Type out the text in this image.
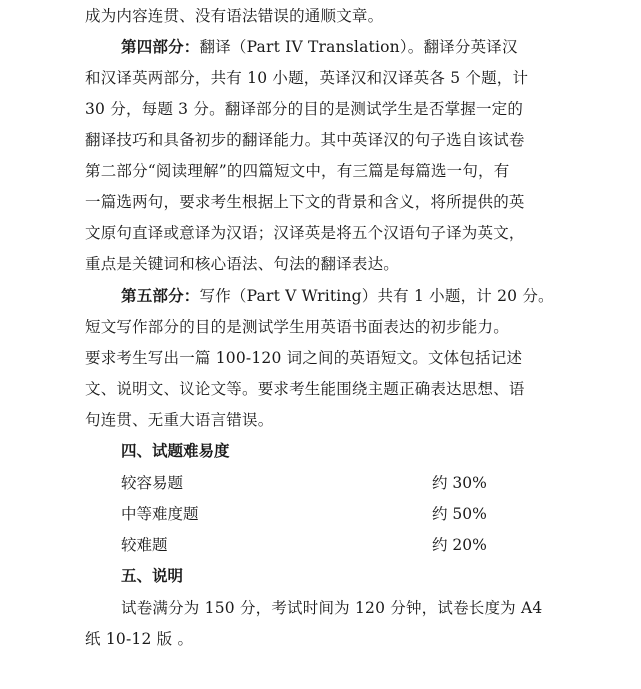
成为内容连贯、没有语法错误的通顺文章。
第四部分：翻译（Part IV Translation）。翻译分英译汉
和汉译英两部分，共有 10 小题，英译汉和汉译英各 5 个题，计
30 分，每题 3 分。翻译部分的目的是测试学生是否掌握一定的
翻译技巧和具备初步的翻译能力。其中英译汉的句子选自该试卷
第二部分“阅读理解”的四篇短文中，有三篇是每篇选一句，有
一篇选两句，要求考生根据上下文的背景和含义，将所提供的英
文原句直译或意译为汉语；汉译英是将五个汉语句子译为英文，
重点是关键词和核心语法、句法的翻译表达。
第五部分：写作（Part V Writing）共有 1 小题，计 20 分。
短文写作部分的目的是测试学生用英语书面表达的初步能力。
要求考生写出一篇 100-120 词之间的英语短文。文体包括记述
文、说明文、议论文等。要求考生能围绕主题正确表达思想、语
句连贯、无重大语言错误。
四、试题难易度
较容易题	约 30%
中等难度题	约 50%
较难题	约 20%
五、说明
试卷满分为 150 分，考试时间为 120 分钟，试卷长度为 A4
纸 10-12 版 。
